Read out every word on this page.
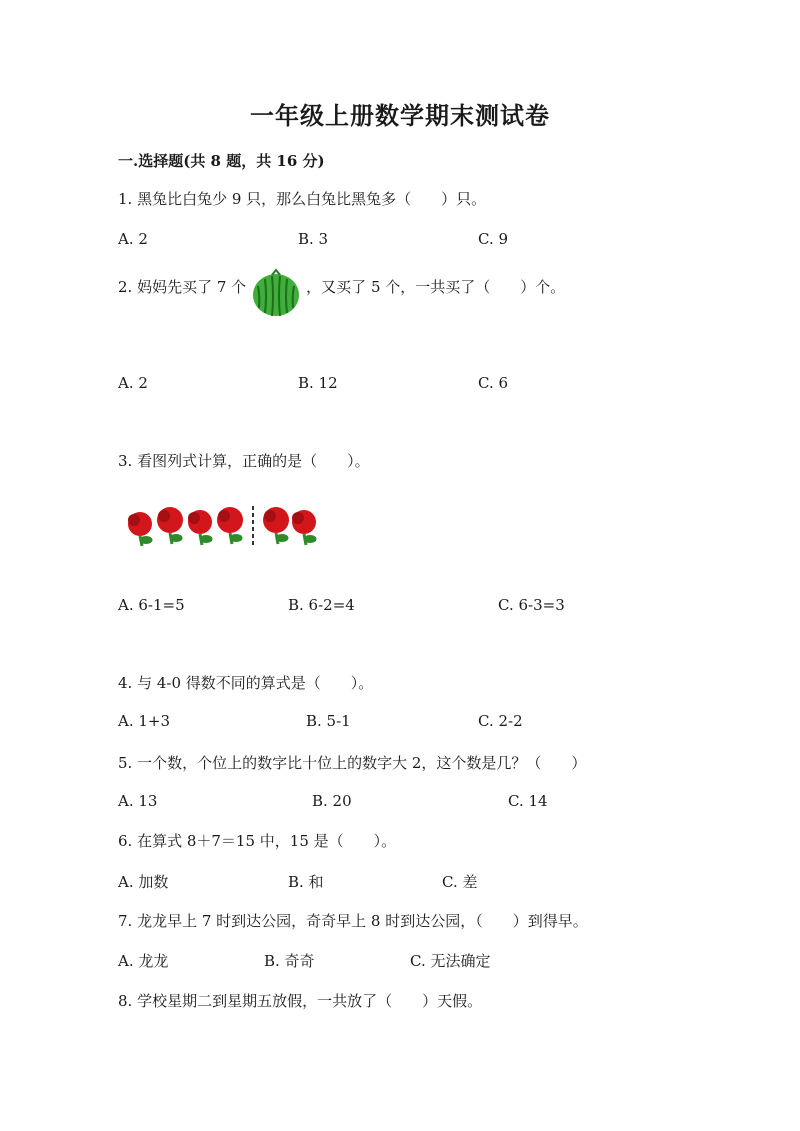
一年级上册数学期末测试卷
一.选择题(共 8 题，共 16 分)
1. 黑兔比白兔少 9 只，那么白兔比黑兔多（　　）只。
A. 2	B. 3	C. 9
2. 妈妈先买了 7 个	，又买了 5 个，一共买了（　　）个。
A. 2	B. 12	C. 6
3. 看图列式计算，正确的是（　　）。
A. 6-1=5	B. 6-2=4	C. 6-3=3
4. 与 4-0 得数不同的算式是（　　）。
A. 1+3	B. 5-1	C. 2-2
5. 一个数，个位上的数字比十位上的数字大 2，这个数是几？（　　）
A. 13	B. 20	C. 14
6. 在算式 8＋7＝15 中，15 是（　　）。
A. 加数	B. 和	C. 差
7. 龙龙早上 7 时到达公园，奇奇早上 8 时到达公园，（　　）到得早。
A. 龙龙	B. 奇奇	C. 无法确定
8. 学校星期二到星期五放假，一共放了（　　）天假。
